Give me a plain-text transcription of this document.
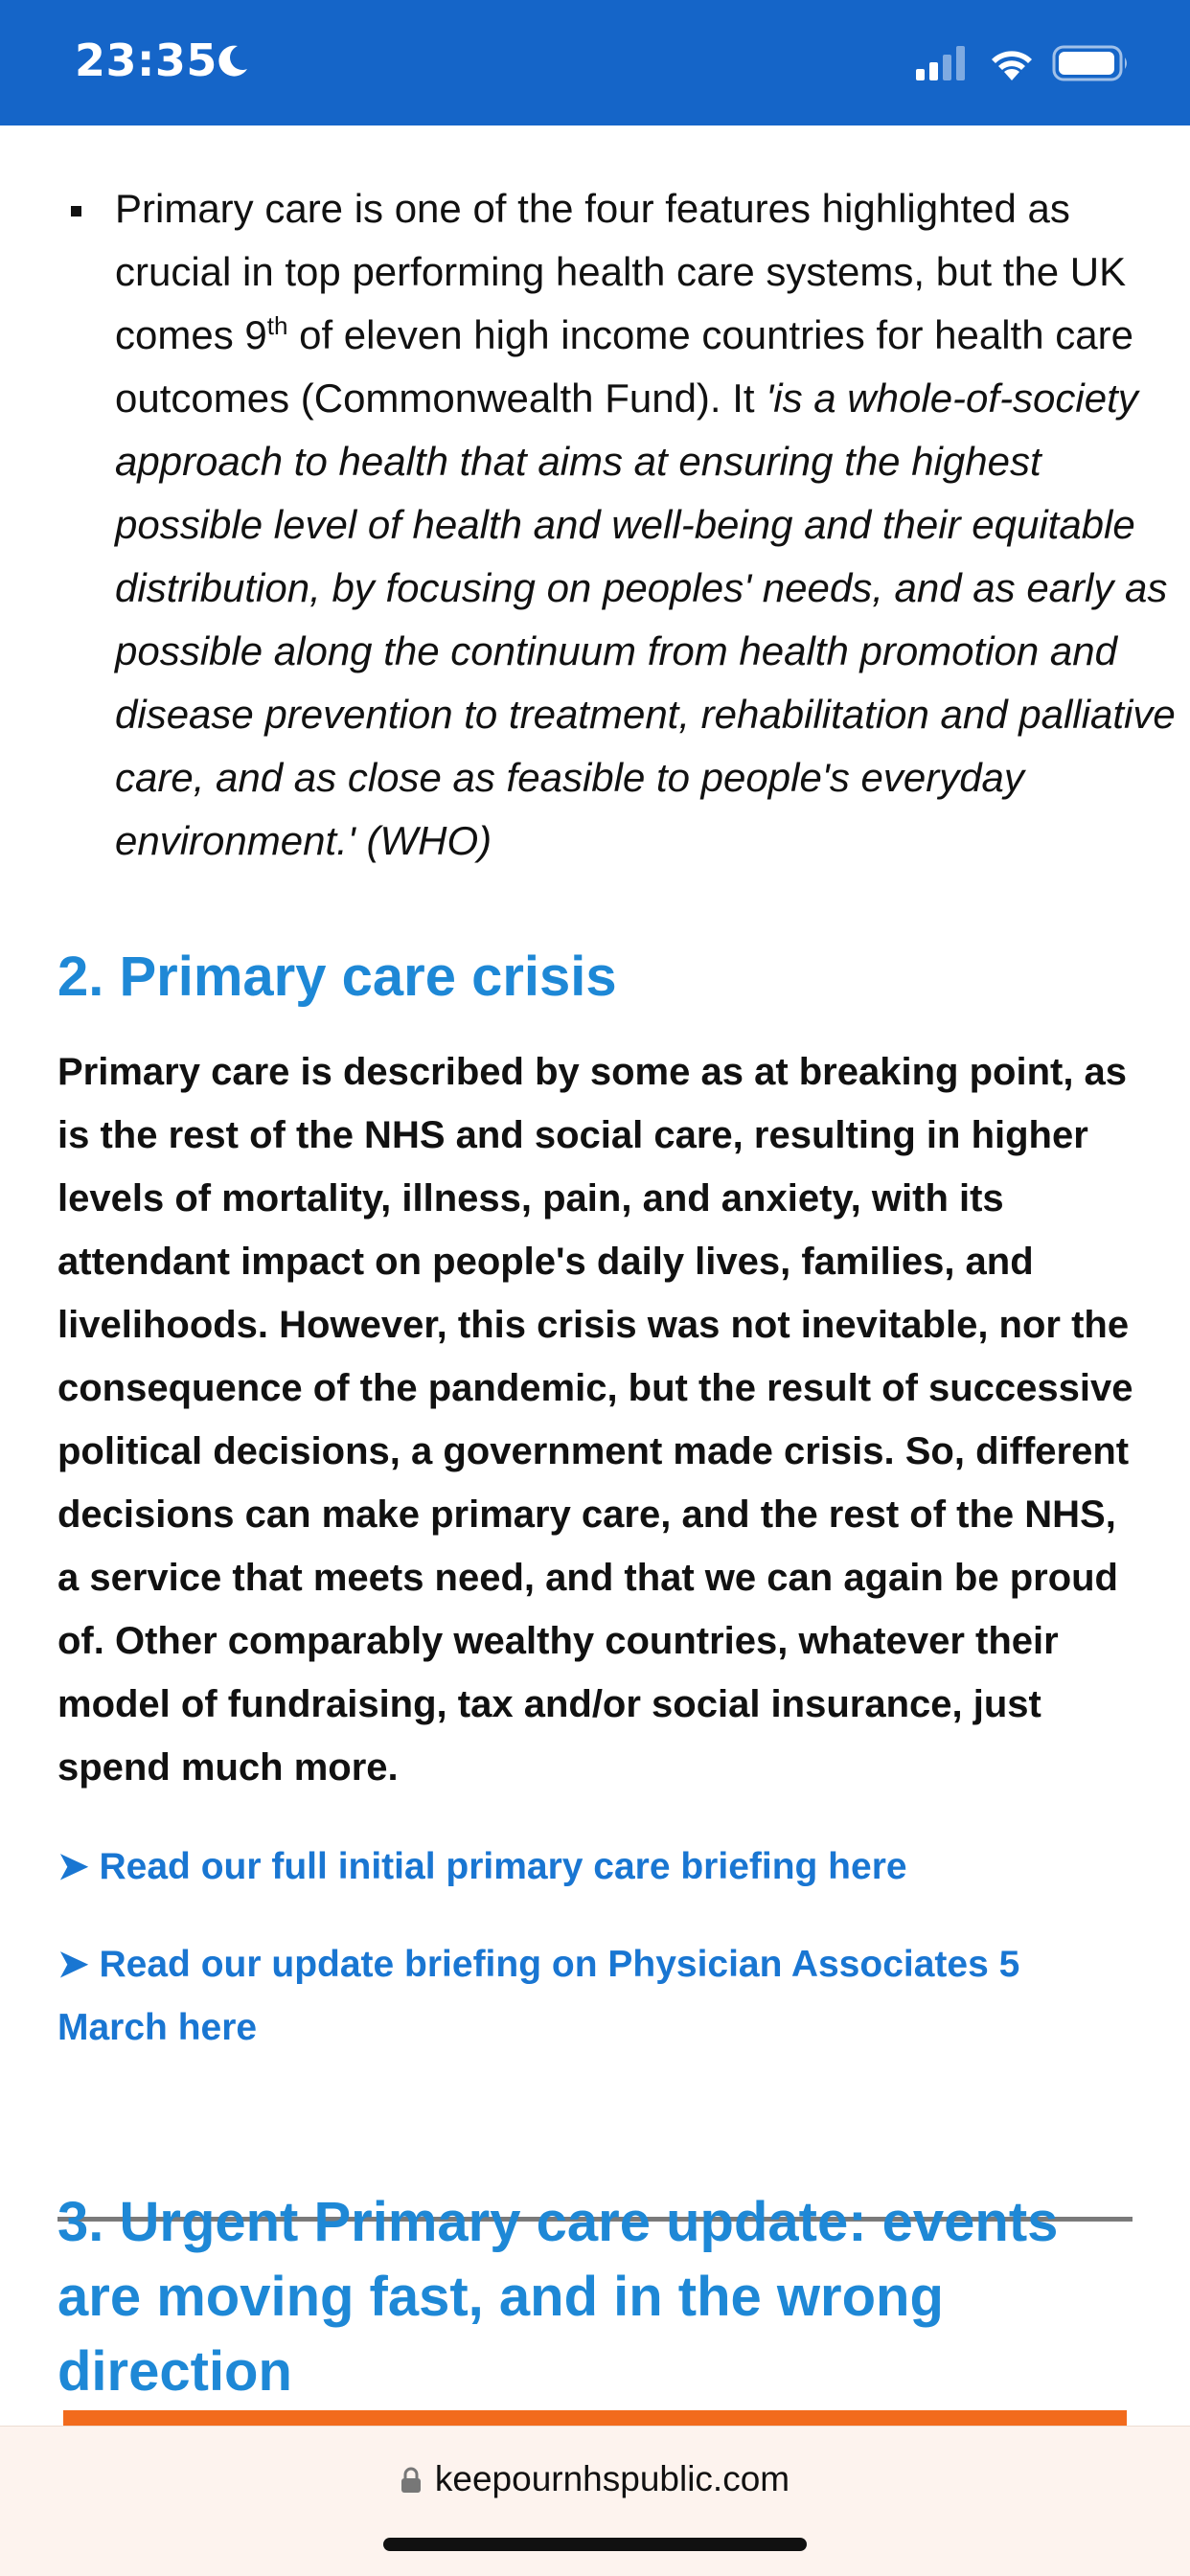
23:35
Primary care is one of the four features highlighted as crucial in top performing health care systems, but the UK comes 9th of eleven high income countries for health care outcomes (Commonwealth Fund). It 'is a whole-of-society approach to health that aims at ensuring the highest possible level of health and well-being and their equitable distribution, by focusing on peoples' needs, and as early as possible along the continuum from health promotion and disease prevention to treatment, rehabilitation and palliative care, and as close as feasible to people's everyday environment.' (WHO)
2. Primary care crisis

Primary care is described by some as at breaking point, as is the rest of the NHS and social care, resulting in higher levels of mortality, illness, pain, and anxiety, with its attendant impact on people's daily lives, families, and livelihoods. However, this crisis was not inevitable, nor the consequence of the pandemic, but the result of successive political decisions, a government made crisis. So, different decisions can make primary care, and the rest of the NHS, a service that meets need, and that we can again be proud of. Other comparably wealthy countries, whatever their model of fundraising, tax and/or social insurance, just spend much more.

➤ Read our full initial primary care briefing here
➤ Read our update briefing on Physician Associates 5 March here
3. Urgent Primary care update: events are moving fast, and in the wrong direction
keepournhspublic.com
